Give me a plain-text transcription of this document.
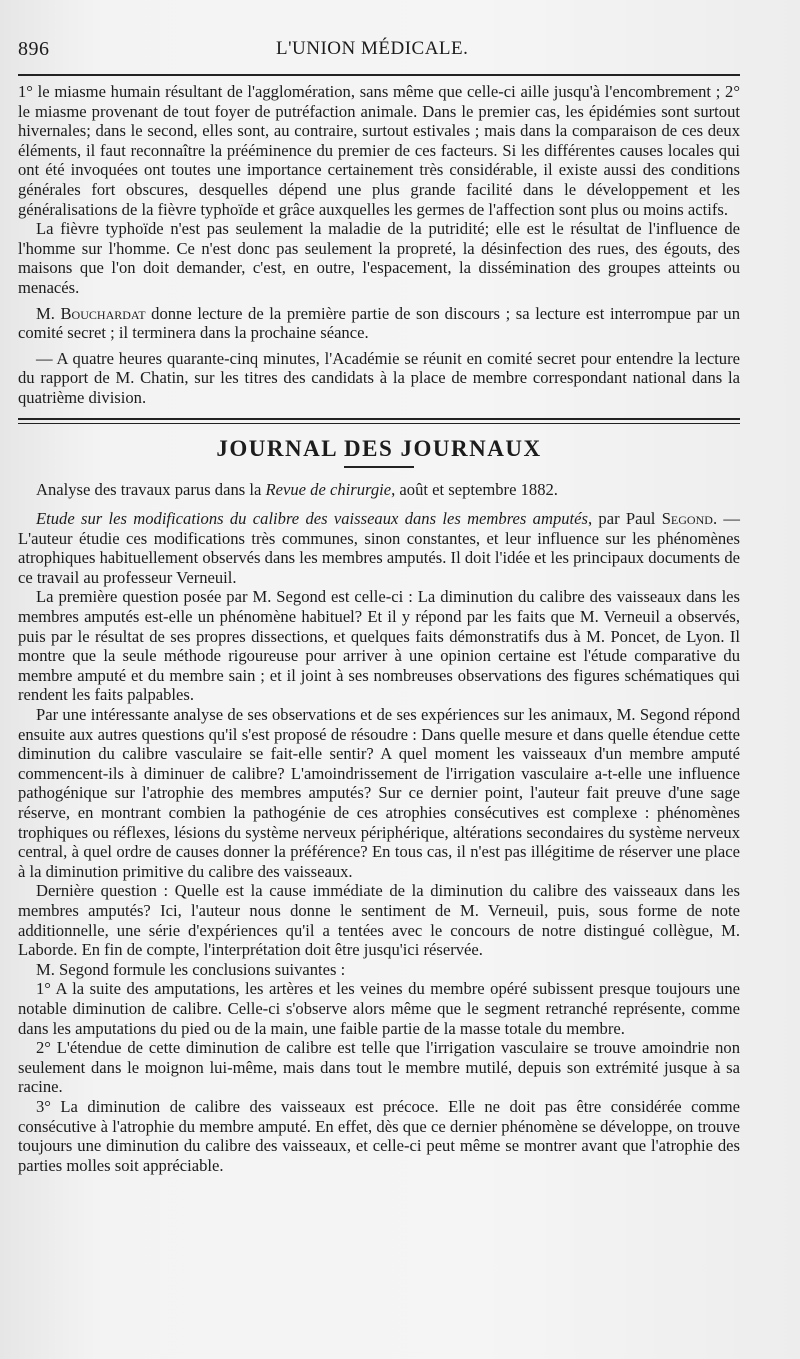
896	L'UNION MÉDICALE.

1° le miasme humain résultant de l'agglomération, sans même que celle-ci aille jusqu'à l'encombrement ; 2° le miasme provenant de tout foyer de putréfaction animale. Dans le premier cas, les épidémies sont surtout hivernales; dans le second, elles sont, au contraire, surtout estivales ; mais dans la comparaison de ces deux éléments, il faut reconnaître la prééminence du premier de ces facteurs. Si les différentes causes locales qui ont été invoquées ont toutes une importance certainement très considérable, il existe aussi des conditions générales fort obscures, desquelles dépend une plus grande facilité dans le développement et les généralisations de la fièvre typhoïde et grâce auxquelles les germes de l'affection sont plus ou moins actifs.

La fièvre typhoïde n'est pas seulement la maladie de la putridité; elle est le résultat de l'influence de l'homme sur l'homme. Ce n'est donc pas seulement la propreté, la désinfection des rues, des égouts, des maisons que l'on doit demander, c'est, en outre, l'espacement, la dissémination des groupes atteints ou menacés.

M. Bouchardat donne lecture de la première partie de son discours ; sa lecture est interrompue par un comité secret ; il terminera dans la prochaine séance.

— A quatre heures quarante-cinq minutes, l'Académie se réunit en comité secret pour entendre la lecture du rapport de M. Chatin, sur les titres des candidats à la place de membre correspondant national dans la quatrième division.

JOURNAL DES JOURNAUX

Analyse des travaux parus dans la Revue de chirurgie, août et septembre 1882.

Etude sur les modifications du calibre des vaisseaux dans les membres amputés, par Paul Segond. — L'auteur étudie ces modifications très communes, sinon constantes, et leur influence sur les phénomènes atrophiques habituellement observés dans les membres amputés. Il doit l'idée et les principaux documents de ce travail au professeur Verneuil.

La première question posée par M. Segond est celle-ci : La diminution du calibre des vaisseaux dans les membres amputés est-elle un phénomène habituel? Et il y répond par les faits que M. Verneuil a observés, puis par le résultat de ses propres dissections, et quelques faits démonstratifs dus à M. Poncet, de Lyon. Il montre que la seule méthode rigoureuse pour arriver à une opinion certaine est l'étude comparative du membre amputé et du membre sain ; et il joint à ses nombreuses observations des figures schématiques qui rendent les faits palpables.

Par une intéressante analyse de ses observations et de ses expériences sur les animaux, M. Segond répond ensuite aux autres questions qu'il s'est proposé de résoudre : Dans quelle mesure et dans quelle étendue cette diminution du calibre vasculaire se fait-elle sentir? A quel moment les vaisseaux d'un membre amputé commencent-ils à diminuer de calibre? L'amoindrissement de l'irrigation vasculaire a-t-elle une influence pathogénique sur l'atrophie des membres amputés? Sur ce dernier point, l'auteur fait preuve d'une sage réserve, en montrant combien la pathogénie de ces atrophies consécutives est complexe : phénomènes trophiques ou réflexes, lésions du système nerveux périphérique, altérations secondaires du système nerveux central, à quel ordre de causes donner la préférence? En tous cas, il n'est pas illégitime de réserver une place à la diminution primitive du calibre des vaisseaux.

Dernière question : Quelle est la cause immédiate de la diminution du calibre des vaisseaux dans les membres amputés? Ici, l'auteur nous donne le sentiment de M. Verneuil, puis, sous forme de note additionnelle, une série d'expériences qu'il a tentées avec le concours de notre distingué collègue, M. Laborde. En fin de compte, l'interprétation doit être jusqu'ici réservée.

M. Segond formule les conclusions suivantes :

1° A la suite des amputations, les artères et les veines du membre opéré subissent presque toujours une notable diminution de calibre. Celle-ci s'observe alors même que le segment retranché représente, comme dans les amputations du pied ou de la main, une faible partie de la masse totale du membre.

2° L'étendue de cette diminution de calibre est telle que l'irrigation vasculaire se trouve amoindrie non seulement dans le moignon lui-même, mais dans tout le membre mutilé, depuis son extrémité jusque à sa racine.

3° La diminution de calibre des vaisseaux est précoce. Elle ne doit pas être considérée comme consécutive à l'atrophie du membre amputé. En effet, dès que ce dernier phénomène se développe, on trouve toujours une diminution du calibre des vaisseaux, et celle-ci peut même se montrer avant que l'atrophie des parties molles soit appréciable.
